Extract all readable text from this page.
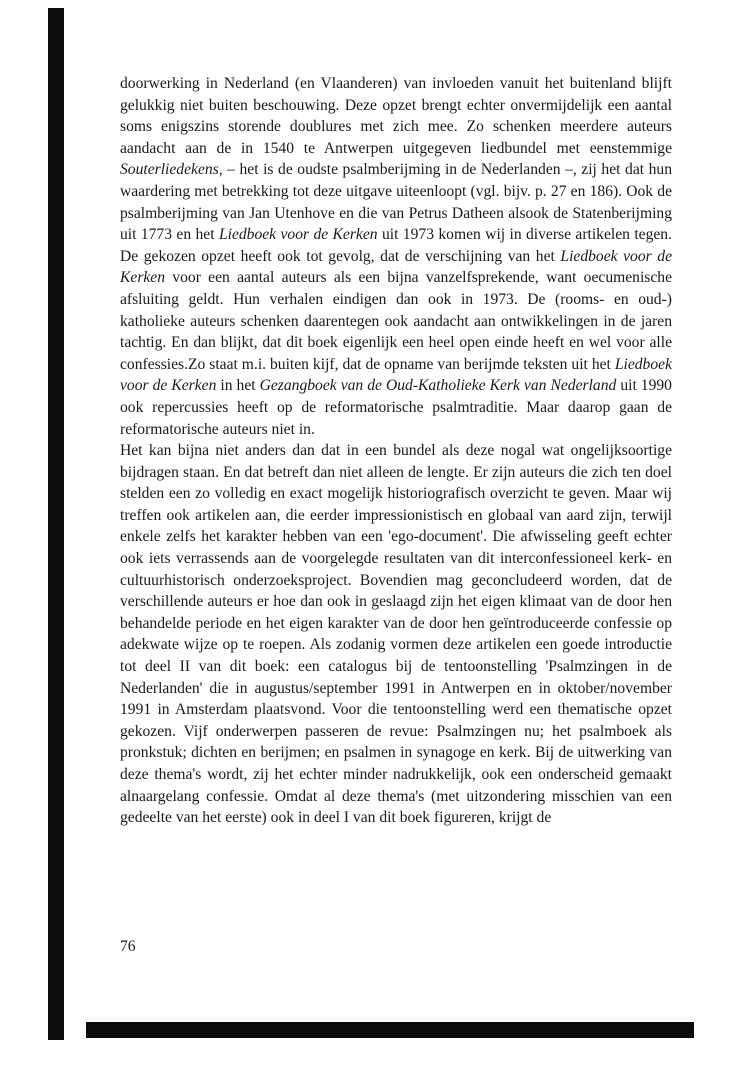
doorwerking in Nederland (en Vlaanderen) van invloeden vanuit het buitenland blijft gelukkig niet buiten beschouwing. Deze opzet brengt echter onvermijdelijk een aantal soms enigszins storende doublures met zich mee. Zo schenken meerdere auteurs aandacht aan de in 1540 te Antwerpen uitgegeven liedbundel met eenstemmige Souterliedekens, – het is de oudste psalmberijming in de Nederlanden –, zij het dat hun waardering met betrekking tot deze uitgave uiteenloopt (vgl. bijv. p. 27 en 186). Ook de psalmberijming van Jan Utenhove en die van Petrus Datheen alsook de Statenberijming uit 1773 en het Liedboek voor de Kerken uit 1973 komen wij in diverse artikelen tegen. De gekozen opzet heeft ook tot gevolg, dat de verschijning van het Liedboek voor de Kerken voor een aantal auteurs als een bijna vanzelfsprekende, want oecumenische afsluiting geldt. Hun verhalen eindigen dan ook in 1973. De (rooms- en oud-) katholieke auteurs schenken daarentegen ook aandacht aan ontwikkelingen in de jaren tachtig. En dan blijkt, dat dit boek eigenlijk een heel open einde heeft en wel voor alle confessies.Zo staat m.i. buiten kijf, dat de opname van berijmde teksten uit het Liedboek voor de Kerken in het Gezangboek van de Oud-Katholieke Kerk van Nederland uit 1990 ook repercussies heeft op de reformatorische psalmtraditie. Maar daarop gaan de reformatorische auteurs niet in.

Het kan bijna niet anders dan dat in een bundel als deze nogal wat ongelijksoortige bijdragen staan. En dat betreft dan niet alleen de lengte. Er zijn auteurs die zich ten doel stelden een zo volledig en exact mogelijk historiografisch overzicht te geven. Maar wij treffen ook artikelen aan, die eerder impressionistisch en globaal van aard zijn, terwijl enkele zelfs het karakter hebben van een 'ego-document'. Die afwisseling geeft echter ook iets verrassends aan de voorgelegde resultaten van dit interconfessioneel kerk- en cultuurhistorisch onderzoeksproject. Bovendien mag geconcludeerd worden, dat de verschillende auteurs er hoe dan ook in geslaagd zijn het eigen klimaat van de door hen behandelde periode en het eigen karakter van de door hen geïntroduceerde confessie op adekwate wijze op te roepen. Als zodanig vormen deze artikelen een goede introductie tot deel II van dit boek: een catalogus bij de tentoonstelling 'Psalmzingen in de Nederlanden' die in augustus/september 1991 in Antwerpen en in oktober/november 1991 in Amsterdam plaatsvond. Voor die tentoonstelling werd een thematische opzet gekozen. Vijf onderwerpen passeren de revue: Psalmzingen nu; het psalmboek als pronkstuk; dichten en berijmen; en psalmen in synagoge en kerk. Bij de uitwerking van deze thema's wordt, zij het echter minder nadrukkelijk, ook een onderscheid gemaakt alnaargelang confessie. Omdat al deze thema's (met uitzondering misschien van een gedeelte van het eerste) ook in deel I van dit boek figureren, krijgt de

76
